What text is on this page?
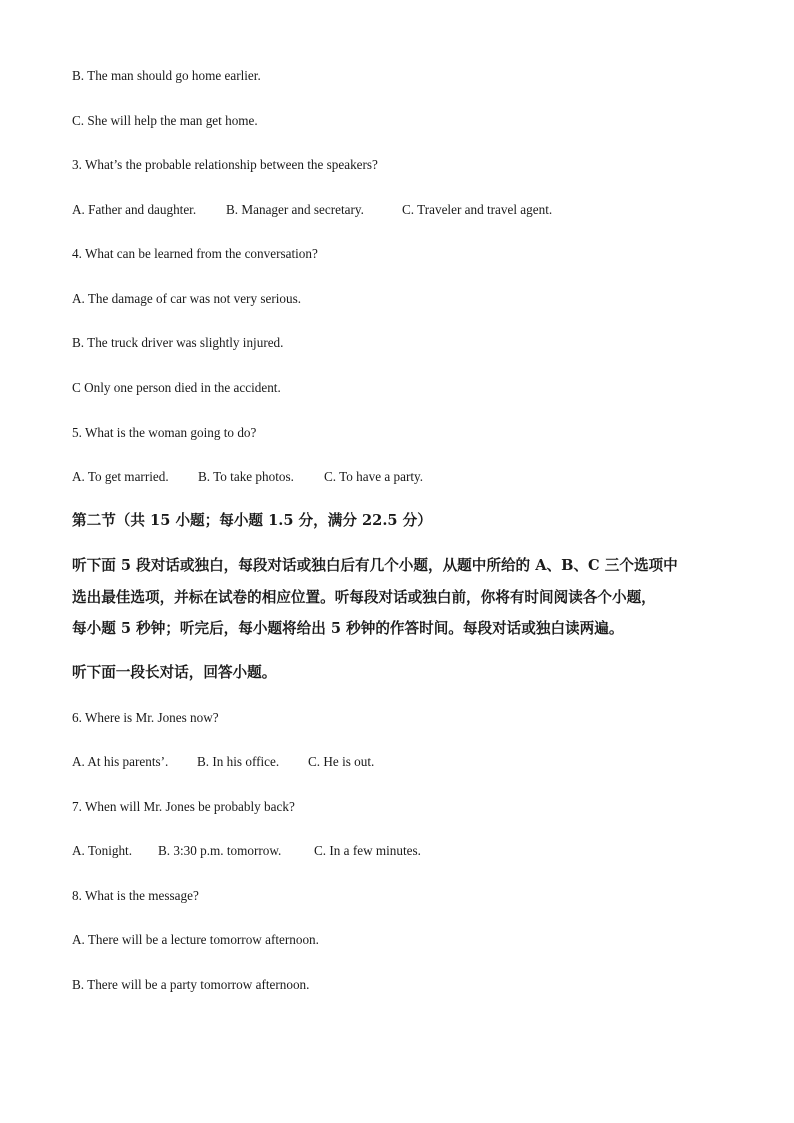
B. The man should go home earlier.
C. She will help the man get home.
3. What’s the probable relationship between the speakers?
A. Father and daughter. B. Manager and secretary.	C. Traveler and travel agent.
4. What can be learned from the conversation?
A. The damage of car was not very serious.
B. The truck driver was slightly injured.
C Only one person died in the accident.
5. What is the woman going to do?
A. To get married. B. To take photos. C. To have a party.
第二节（共 15 小题；每小题 1.5 分，满分 22.5 分）
听下面 5 段对话或独白，每段对话或独白后有几个小题，从题中所给的 A、B、C 三个选项中
选出最佳选项，并标在试卷的相应位置。听每段对话或独白前，你将有时间阅读各个小题，
每小题 5 秒钟；听完后，每小题将给出 5 秒钟的作答时间。每段对话或独白读两遍。
听下面一段长对话，回答小题。
6. Where is Mr. Jones now?
A. At his parents’. B. In his office. C. He is out.
7. When will Mr. Jones be probably back?
A. Tonight. B. 3:30 p.m. tomorrow. C. In a few minutes.
8. What is the message?
A. There will be a lecture tomorrow afternoon.
B. There will be a party tomorrow afternoon.
